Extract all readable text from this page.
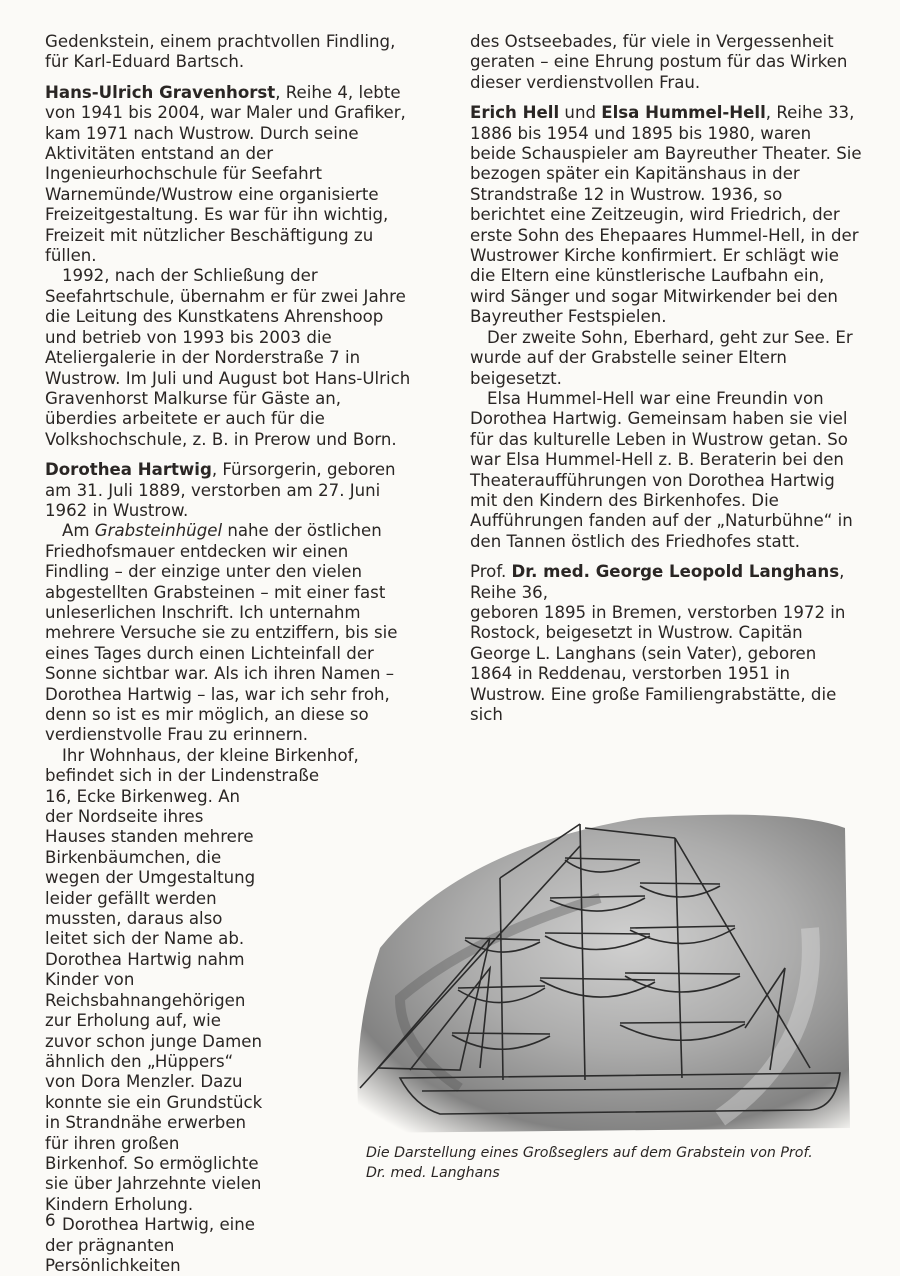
Gedenkstein, einem prachtvollen Findling, für Karl-Eduard Bartsch.

Hans-Ulrich Gravenhorst, Reihe 4, lebte von 1941 bis 2004, war Maler und Grafiker, kam 1971 nach Wustrow. Durch seine Aktivitäten entstand an der Ingenieurhochschule für Seefahrt Warnemünde/Wustrow eine organisierte Freizeitgestaltung. Es war für ihn wichtig, Freizeit mit nützlicher Beschäftigung zu füllen.

1992, nach der Schließung der Seefahrtschule, übernahm er für zwei Jahre die Leitung des Kunstkatens Ahrenshoop und betrieb von 1993 bis 2003 die Ateliergalerie in der Norderstraße 7 in Wustrow. Im Juli und August bot Hans-Ulrich Gravenhorst Malkurse für Gäste an, überdies arbeitete er auch für die Volkshochschule, z. B. in Prerow und Born.

Dorothea Hartwig, Fürsorgerin, geboren am 31. Juli 1889, verstorben am 27. Juni 1962 in Wustrow.

Am Grabsteinhügel nahe der östlichen Friedhofsmauer entdecken wir einen Findling – der einzige unter den vielen abgestellten Grabsteinen – mit einer fast unleserlichen Inschrift. Ich unternahm mehrere Versuche sie zu entziffern, bis sie eines Tages durch einen Lichteinfall der Sonne sichtbar war. Als ich ihren Namen – Dorothea Hartwig – las, war ich sehr froh, denn so ist es mir möglich, an diese so verdienstvolle Frau zu erinnern.

Ihr Wohnhaus, der kleine Birkenhof, befindet sich in der Lindenstraße

16, Ecke Birkenweg. An der Nordseite ihres Hauses standen mehrere Birkenbäumchen, die wegen der Umgestaltung leider gefällt werden mussten, daraus also leitet sich der Name ab. Dorothea Hartwig nahm Kinder von Reichsbahnangehörigen zur Erholung auf, wie zuvor schon junge Damen ähnlich den „Hüppers“ von Dora Menzler. Dazu konnte sie ein Grundstück in Strandnähe erwerben für ihren großen Birkenhof. So ermöglichte sie über Jahrzehnte vielen Kindern Erholung.

Dorothea Hartwig, eine der prägnanten Persönlichkeiten

des Ostseebades, für viele in Vergessenheit geraten – eine Ehrung postum für das Wirken dieser verdienstvollen Frau.

Erich Hell und Elsa Hummel-Hell, Reihe 33, 1886 bis 1954 und 1895 bis 1980, waren beide Schauspieler am Bayreuther Theater. Sie bezogen später ein Kapitänshaus in der Strandstraße 12 in Wustrow. 1936, so berichtet eine Zeitzeugin, wird Friedrich, der erste Sohn des Ehepaares Hummel-Hell, in der Wustrower Kirche konfirmiert. Er schlägt wie die Eltern eine künstlerische Laufbahn ein, wird Sänger und sogar Mitwirkender bei den Bayreuther Festspielen.

Der zweite Sohn, Eberhard, geht zur See. Er wurde auf der Grabstelle seiner Eltern beigesetzt.

Elsa Hummel-Hell war eine Freundin von Dorothea Hartwig. Gemeinsam haben sie viel für das kulturelle Leben in Wustrow getan. So war Elsa Hummel-Hell z. B. Beraterin bei den Theateraufführungen von Dorothea Hartwig mit den Kindern des Birkenhofes. Die Aufführungen fanden auf der „Naturbühne“ in den Tannen östlich des Friedhofes statt.

Prof. Dr. med. George Leopold Langhans, Reihe 36,

geboren 1895 in Bremen, verstorben 1972 in Rostock, beigesetzt in Wustrow. Capitän George L. Langhans (sein Vater), geboren 1864 in Reddenau, verstorben 1951 in Wustrow. Eine große Familiengrabstätte, die sich

Die Darstellung eines Großseglers auf dem Grabstein von Prof. Dr. med. Langhans
6
